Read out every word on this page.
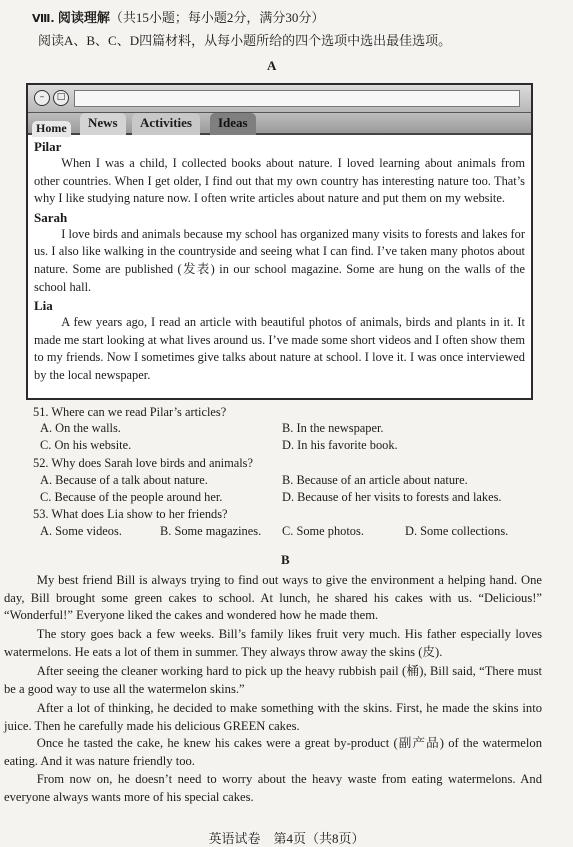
Ⅷ. 阅读理解（共15小题；每小题2分，满分30分）
阅读A、B、C、D四篇材料，从每小题所给的四个选项中选出最佳选项。
A
–	□
Home	News	Activities	Ideas
Pilar
When I was a child, I collected books about nature. I loved learning about animals from other countries. When I get older, I find out that my own country has interesting nature too. That’s why I like studying nature now. I often write articles about nature and put them on my website.
Sarah
I love birds and animals because my school has organized many visits to forests and lakes for us. I also like walking in the countryside and seeing what I can find. I’ve taken many photos about nature. Some are published (发表) in our school magazine. Some are hung on the walls of the school hall.
Lia
A few years ago, I read an article with beautiful photos of animals, birds and plants in it. It made me start looking at what lives around us. I’ve made some short videos and I often show them to my friends. Now I sometimes give talks about nature at school. I love it. I was once interviewed by the local newspaper.
51. Where can we read Pilar’s articles?
A. On the walls.	B. In the newspaper.
C. On his website.	D. In his favorite book.
52. Why does Sarah love birds and animals?
A. Because of a talk about nature.	B. Because of an article about nature.
C. Because of the people around her.	D. Because of her visits to forests and lakes.
53. What does Lia show to her friends?
A. Some videos.	B. Some magazines. C. Some photos.	D. Some collections.
B
My best friend Bill is always trying to find out ways to give the environment a helping hand. One day, Bill brought some green cakes to school. At lunch, he shared his cakes with us. “Delicious!” “Wonderful!” Everyone liked the cakes and wondered how he made them.
The story goes back a few weeks. Bill’s family likes fruit very much. His father especially loves watermelons. He eats a lot of them in summer. They always throw away the skins (皮).
After seeing the cleaner working hard to pick up the heavy rubbish pail (桶), Bill said, “There must be a good way to use all the watermelon skins.”
After a lot of thinking, he decided to make something with the skins. First, he made the skins into juice. Then he carefully made his delicious GREEN cakes.
Once he tasted the cake, he knew his cakes were a great by-product (副产品) of the watermelon eating. And it was nature friendly too.
From now on, he doesn’t need to worry about the heavy waste from eating watermelons. And everyone always wants more of his special cakes.
英语试卷　第4页（共8页）
